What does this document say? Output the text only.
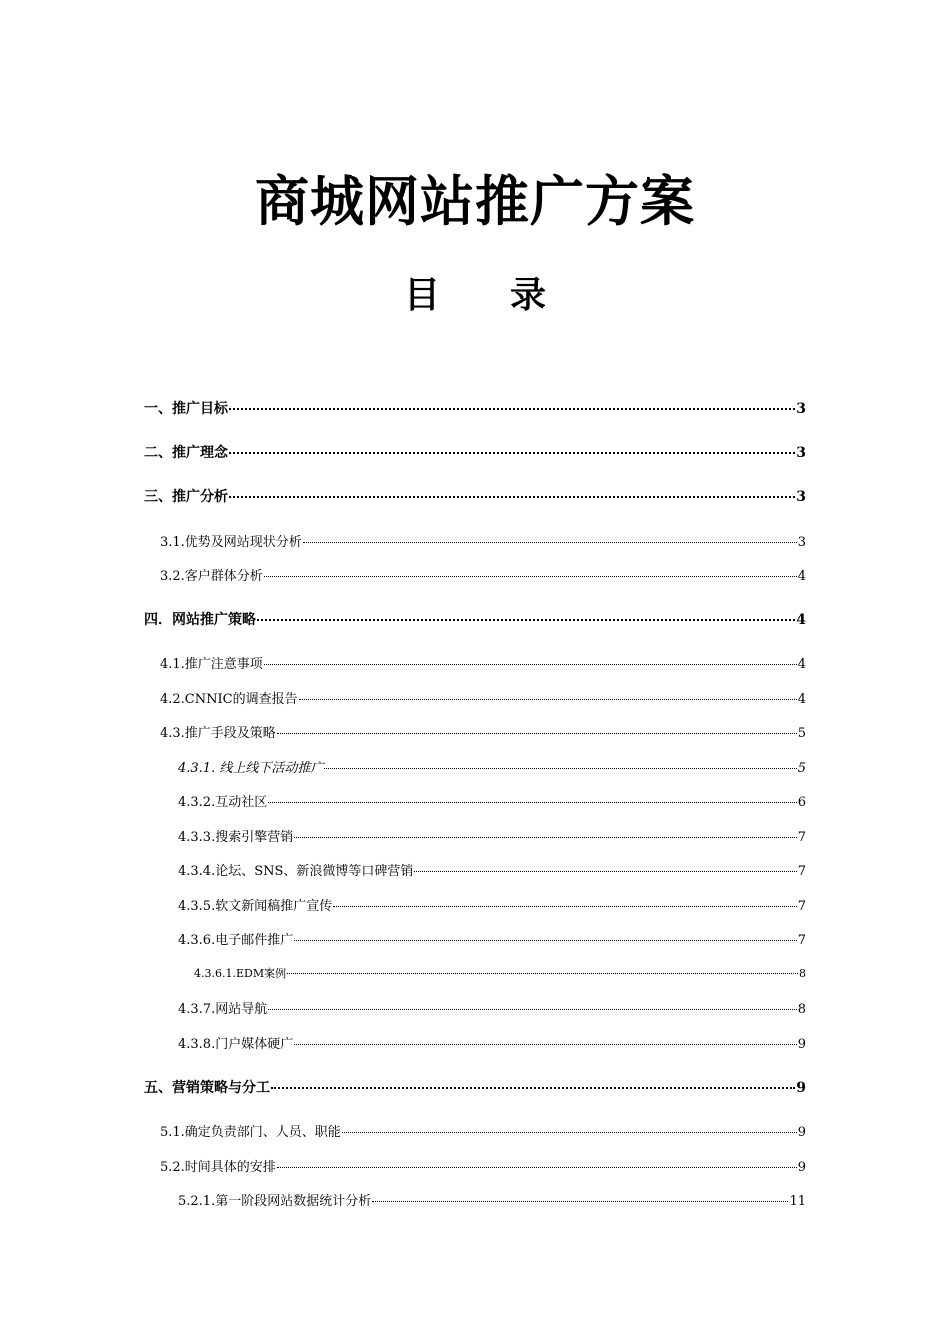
商城网站推广方案
目 录
一、推广目标	3
二、推广理念	3
三、推广分析	3
3.1.优势及网站现状分析	3
3.2.客户群体分析	4
四．网站推广策略	4
4.1.推广注意事项	4
4.2.CNNIC的调查报告	4
4.3.推广手段及策略	5
4.3.1. 线上线下活动推广	5
4.3.2.互动社区	6
4.3.3.搜索引擎营销	7
4.3.4.论坛、SNS、新浪微博等口碑营销	7
4.3.5.软文新闻稿推广宣传	7
4.3.6.电子邮件推广	7
4.3.6.1.EDM案例	8
4.3.7.网站导航	8
4.3.8.门户媒体硬广	9
五、营销策略与分工	9
5.1.确定负责部门、人员、职能	9
5.2.时间具体的安排	9
5.2.1.第一阶段网站数据统计分析	11
